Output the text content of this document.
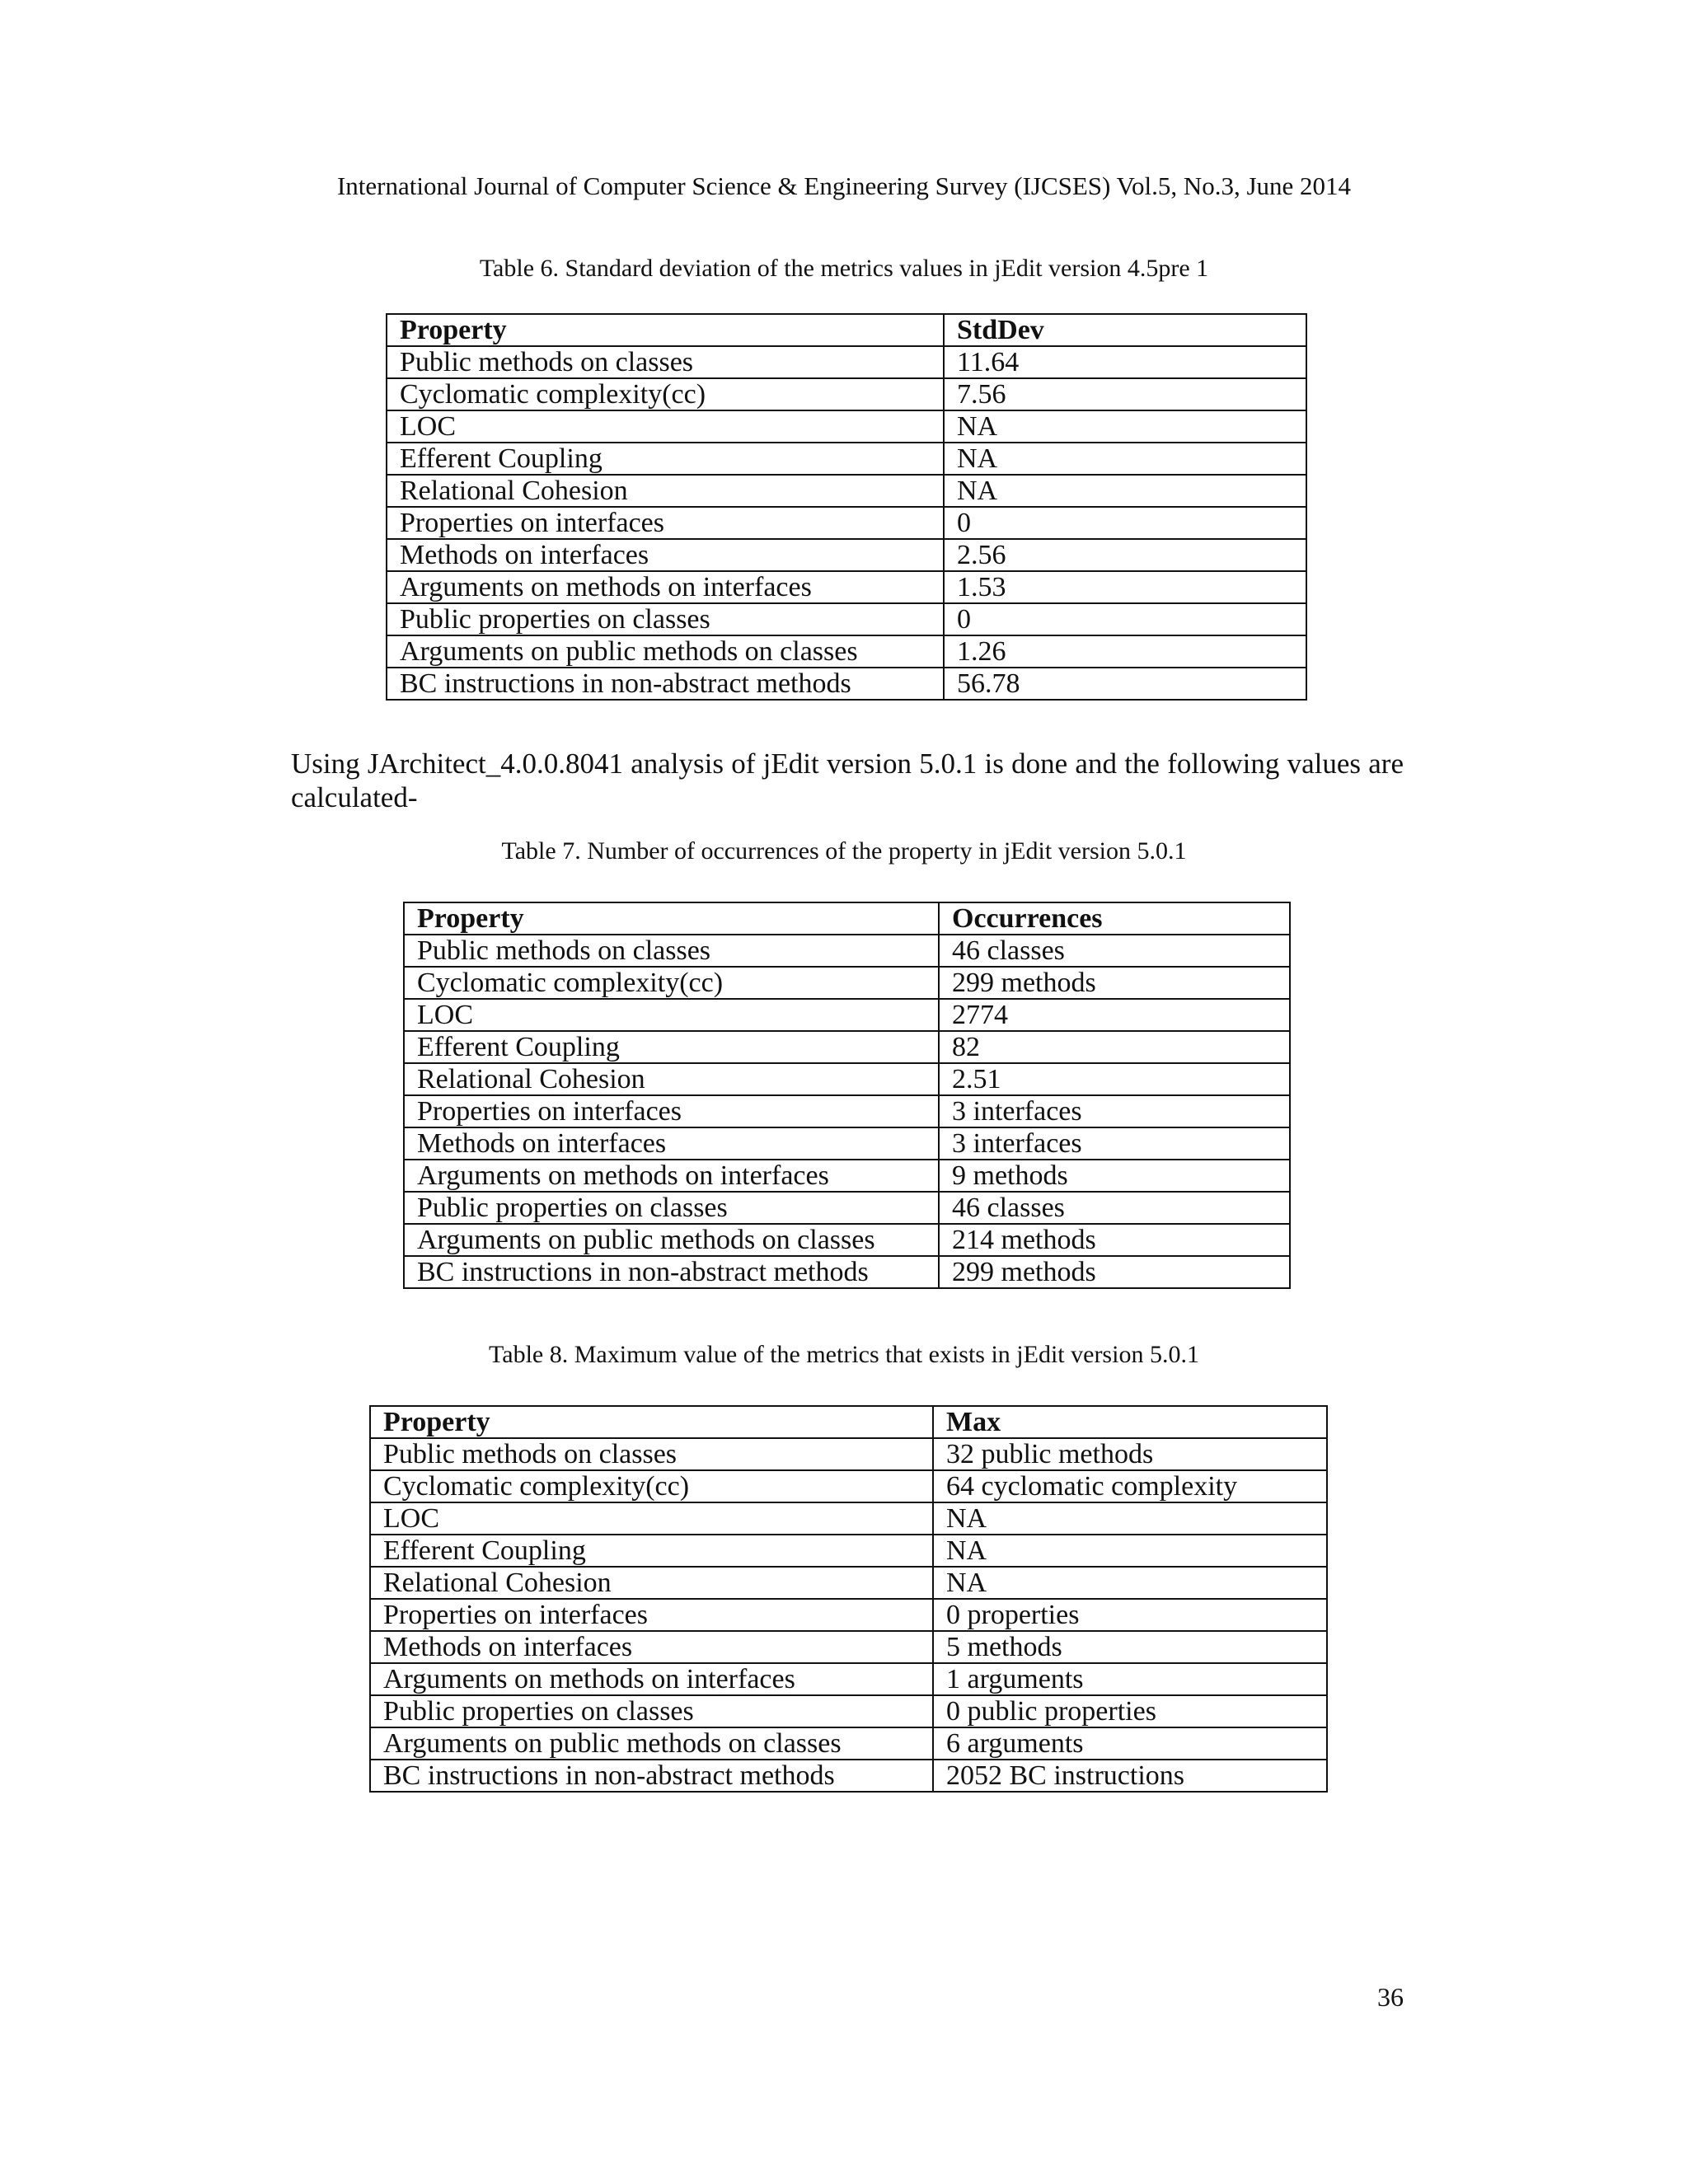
International Journal of Computer Science & Engineering Survey (IJCSES) Vol.5, No.3, June 2014
Table 6. Standard deviation of the metrics values in jEdit version 4.5pre 1
Property	StdDev
Public methods on classes	11.64
Cyclomatic complexity(cc)	7.56
LOC	NA
Efferent Coupling	NA
Relational Cohesion	NA
Properties on interfaces	0
Methods on interfaces	2.56
Arguments on methods on interfaces	1.53
Public properties on classes	0
Arguments on public methods on classes	1.26
BC instructions in non-abstract methods	56.78
Using JArchitect_4.0.0.8041 analysis of jEdit version 5.0.1 is done and the following values are calculated-
Table 7. Number of occurrences of the property in jEdit version 5.0.1
Property	Occurrences
Public methods on classes	46 classes
Cyclomatic complexity(cc)	299 methods
LOC	2774
Efferent Coupling	82
Relational Cohesion	2.51
Properties on interfaces	3 interfaces
Methods on interfaces	3 interfaces
Arguments on methods on interfaces	9 methods
Public properties on classes	46 classes
Arguments on public methods on classes	214 methods
BC instructions in non-abstract methods	299 methods
Table 8. Maximum value of the metrics that exists in jEdit version 5.0.1
Property	Max
Public methods on classes	32 public methods
Cyclomatic complexity(cc)	64 cyclomatic complexity
LOC	NA
Efferent Coupling	NA
Relational Cohesion	NA
Properties on interfaces	0 properties
Methods on interfaces	5 methods
Arguments on methods on interfaces	1 arguments
Public properties on classes	0 public properties
Arguments on public methods on classes	6 arguments
BC instructions in non-abstract methods	2052 BC instructions
36
